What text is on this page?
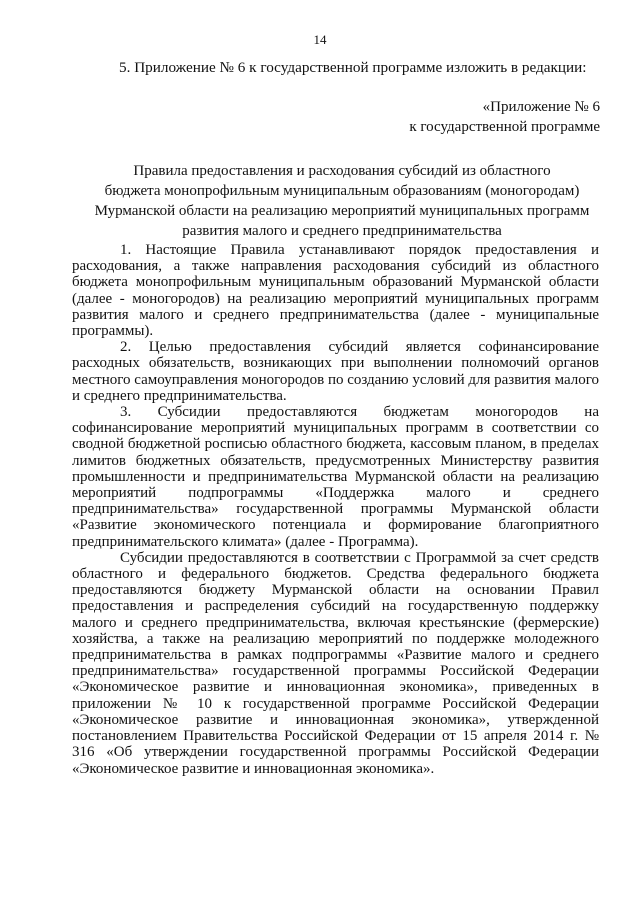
14
5. Приложение № 6 к государственной программе изложить в редакции:
«Приложение № 6
к государственной программе
Правила предоставления и расходования субсидий из областного
бюджета монопрофильным муниципальным образованиям (моногородам)
Мурманской области на реализацию мероприятий муниципальных программ
развития малого и среднего предпринимательства

1. Настоящие Правила устанавливают порядок предоставления и расходования, а также направления расходования субсидий из областного бюджета монопрофильным муниципальным образований Мурманской области (далее - моногородов) на реализацию мероприятий муниципальных программ развития малого и среднего предпринимательства (далее - муниципальные программы).

2. Целью предоставления субсидий является софинансирование расходных обязательств, возникающих при выполнении полномочий органов местного самоуправления моногородов по созданию условий для развития малого и среднего предпринимательства.

3. Субсидии предоставляются бюджетам моногородов на софинансирование мероприятий муниципальных программ в соответствии со сводной бюджетной росписью областного бюджета, кассовым планом, в пределах лимитов бюджетных обязательств, предусмотренных Министерству развития промышленности и предпринимательства Мурманской области на реализацию мероприятий подпрограммы «Поддержка малого и среднего предпринимательства» государственной программы Мурманской области «Развитие экономического потенциала и формирование благоприятного предпринимательского климата» (далее - Программа).

Субсидии предоставляются в соответствии с Программой за счет средств областного и федерального бюджетов. Средства федерального бюджета предоставляются бюджету Мурманской области на основании Правил предоставления и распределения субсидий на государственную поддержку малого и среднего предпринимательства, включая крестьянские (фермерские) хозяйства, а также на реализацию мероприятий по поддержке молодежного предпринимательства в рамках подпрограммы «Развитие малого и среднего предпринимательства» государственной программы Российской Федерации «Экономическое развитие и инновационная экономика», приведенных в приложении № 10 к государственной программе Российской Федерации «Экономическое развитие и инновационная экономика», утвержденной постановлением Правительства Российской Федерации от 15 апреля 2014 г. № 316 «Об утверждении государственной программы Российской Федерации «Экономическое развитие и инновационная экономика».
